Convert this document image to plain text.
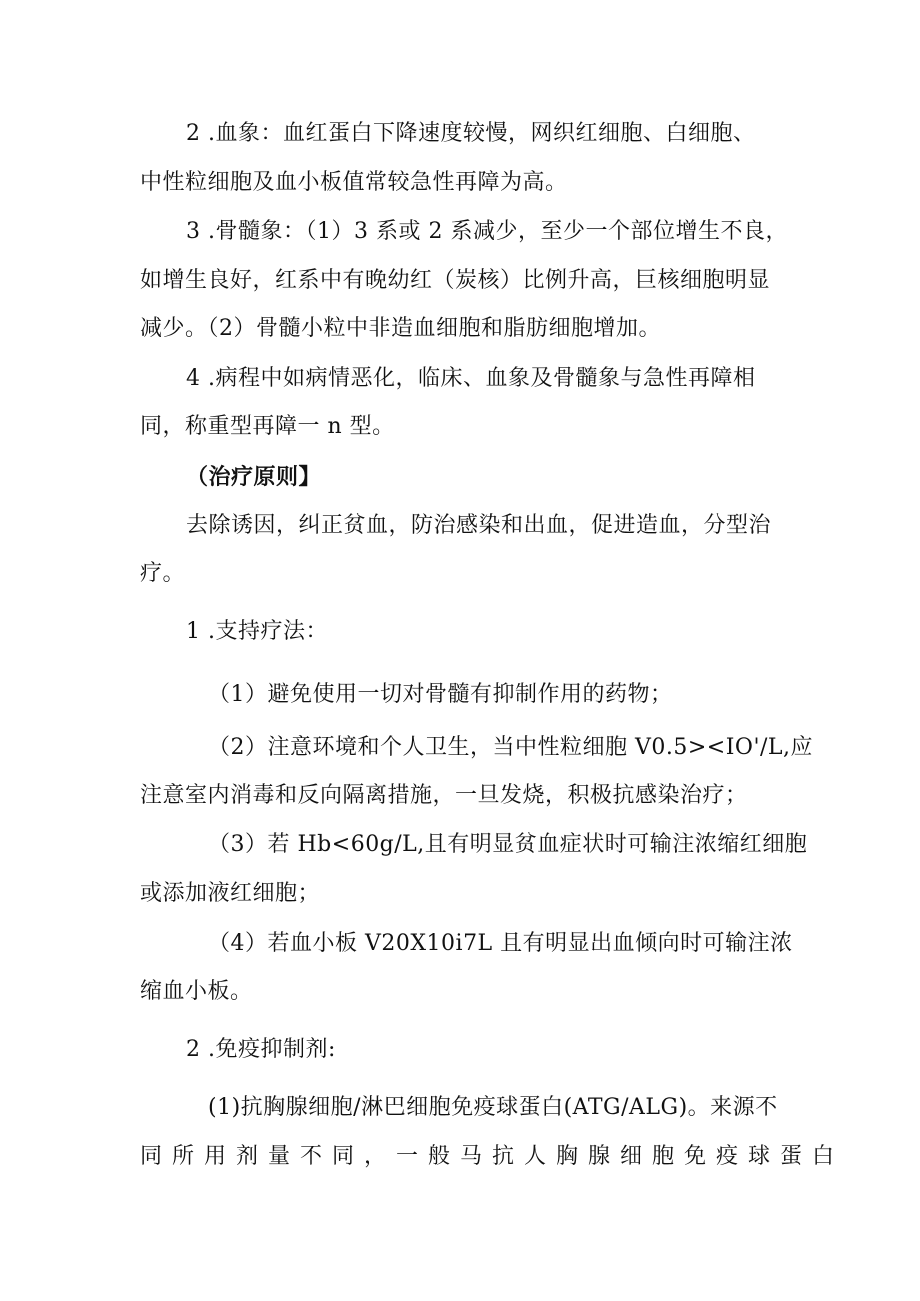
2 .血象：血红蛋白下降速度较慢，网织红细胞、白细胞、
中性粒细胞及血小板值常较急性再障为高。
3 .骨髓象：（1）3 系或 2 系减少，至少一个部位增生不良，
如增生良好，红系中有晚幼红（炭核）比例升高，巨核细胞明显
减少。（2）骨髓小粒中非造血细胞和脂肪细胞增加。
4 .病程中如病情恶化，临床、血象及骨髓象与急性再障相
同，称重型再障一 n 型。
（治疗原则】
去除诱因，纠正贫血，防治感染和出血，促进造血，分型治
疗。
1 .支持疗法：
（1）避免使用一切对骨髓有抑制作用的药物；
（2）注意环境和个人卫生，当中性粒细胞 V0.5><IO'/L,应
注意室内消毒和反向隔离措施，一旦发烧，积极抗感染治疗；
（3）若 Hb<60g/L,且有明显贫血症状时可输注浓缩红细胞
或添加液红细胞；
（4）若血小板 V20X10i7L 且有明显出血倾向时可输注浓
缩血小板。
2 .免疫抑制剂:
(1)抗胸腺细胞/淋巴细胞免疫球蛋白(ATG/ALG)。来源不
同所用剂量不同，一般马抗人胸腺细胞免疫球蛋白
